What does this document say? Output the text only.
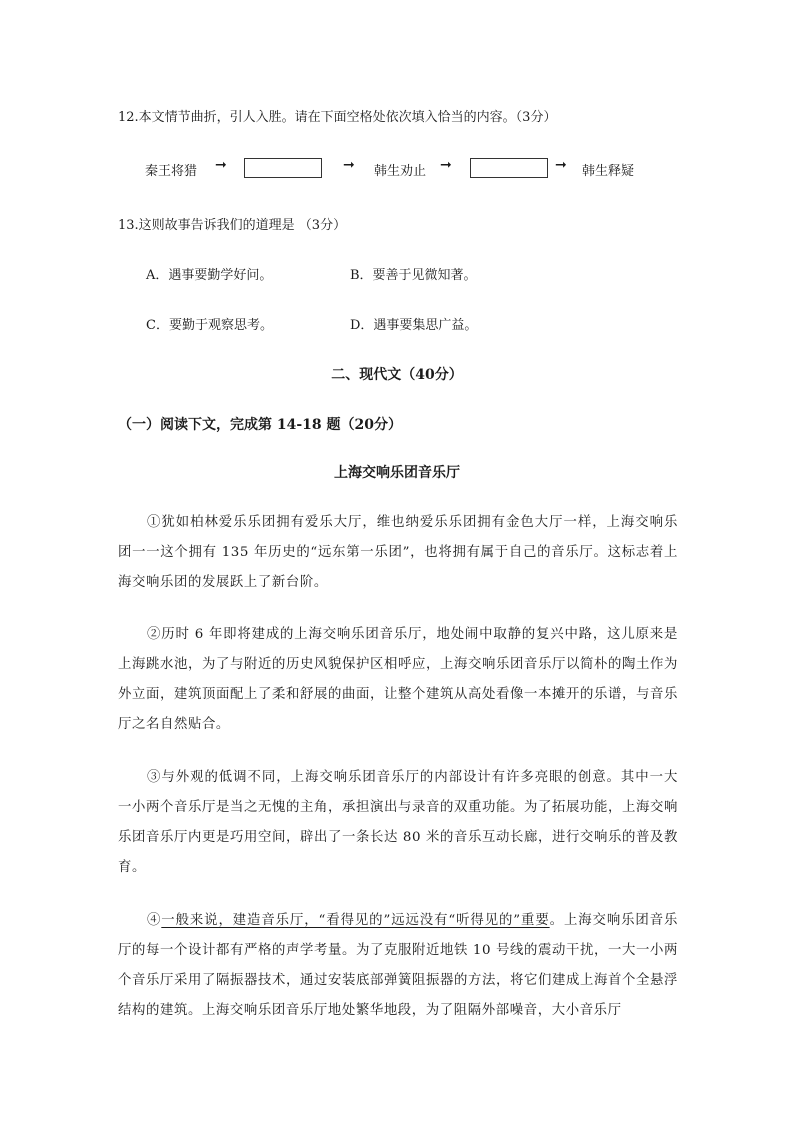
12.本文情节曲折，引人入胜。请在下面空格处依次填入恰当的内容。（3分）
秦王将猎 ➞	➞ 韩生劝止 ➞	➞ 韩生释疑
13.这则故事告诉我们的道理是 （3分）
A．遇事要勤学好问。	B．要善于见微知著。
C．要勤于观察思考。	D．遇事要集思广益。
二、现代文（40分）
（一）阅读下文，完成第 14-18 题（20分）
上海交响乐团音乐厅
①犹如柏林爱乐乐团拥有爱乐大厅，维也纳爱乐乐团拥有金色大厅一样，上海交响乐团一一这个拥有 135 年历史的“远东第一乐团”，也将拥有属于自己的音乐厅。这标志着上海交响乐团的发展跃上了新台阶。
②历时 6 年即将建成的上海交响乐团音乐厅，地处闹中取静的复兴中路，这儿原来是上海跳水池，为了与附近的历史风貌保护区相呼应，上海交响乐团音乐厅以简朴的陶土作为外立面，建筑顶面配上了柔和舒展的曲面，让整个建筑从高处看像一本摊开的乐谱，与音乐厅之名自然贴合。
③与外观的低调不同，上海交响乐团音乐厅的内部设计有许多亮眼的创意。其中一大一小两个音乐厅是当之无愧的主角，承担演出与录音的双重功能。为了拓展功能，上海交响乐团音乐厅内更是巧用空间，辟出了一条长达 80 米的音乐互动长廊，进行交响乐的普及教育。
④一般来说，建造音乐厅，“看得见的”远远没有“听得见的”重要。上海交响乐团音乐厅的每一个设计都有严格的声学考量。为了克服附近地铁 10 号线的震动干扰，一大一小两个音乐厅采用了隔振器技术，通过安装底部弹簧阻振器的方法，将它们建成上海首个全悬浮结构的建筑。上海交响乐团音乐厅地处繁华地段，为了阻隔外部噪音，大小音乐厅
